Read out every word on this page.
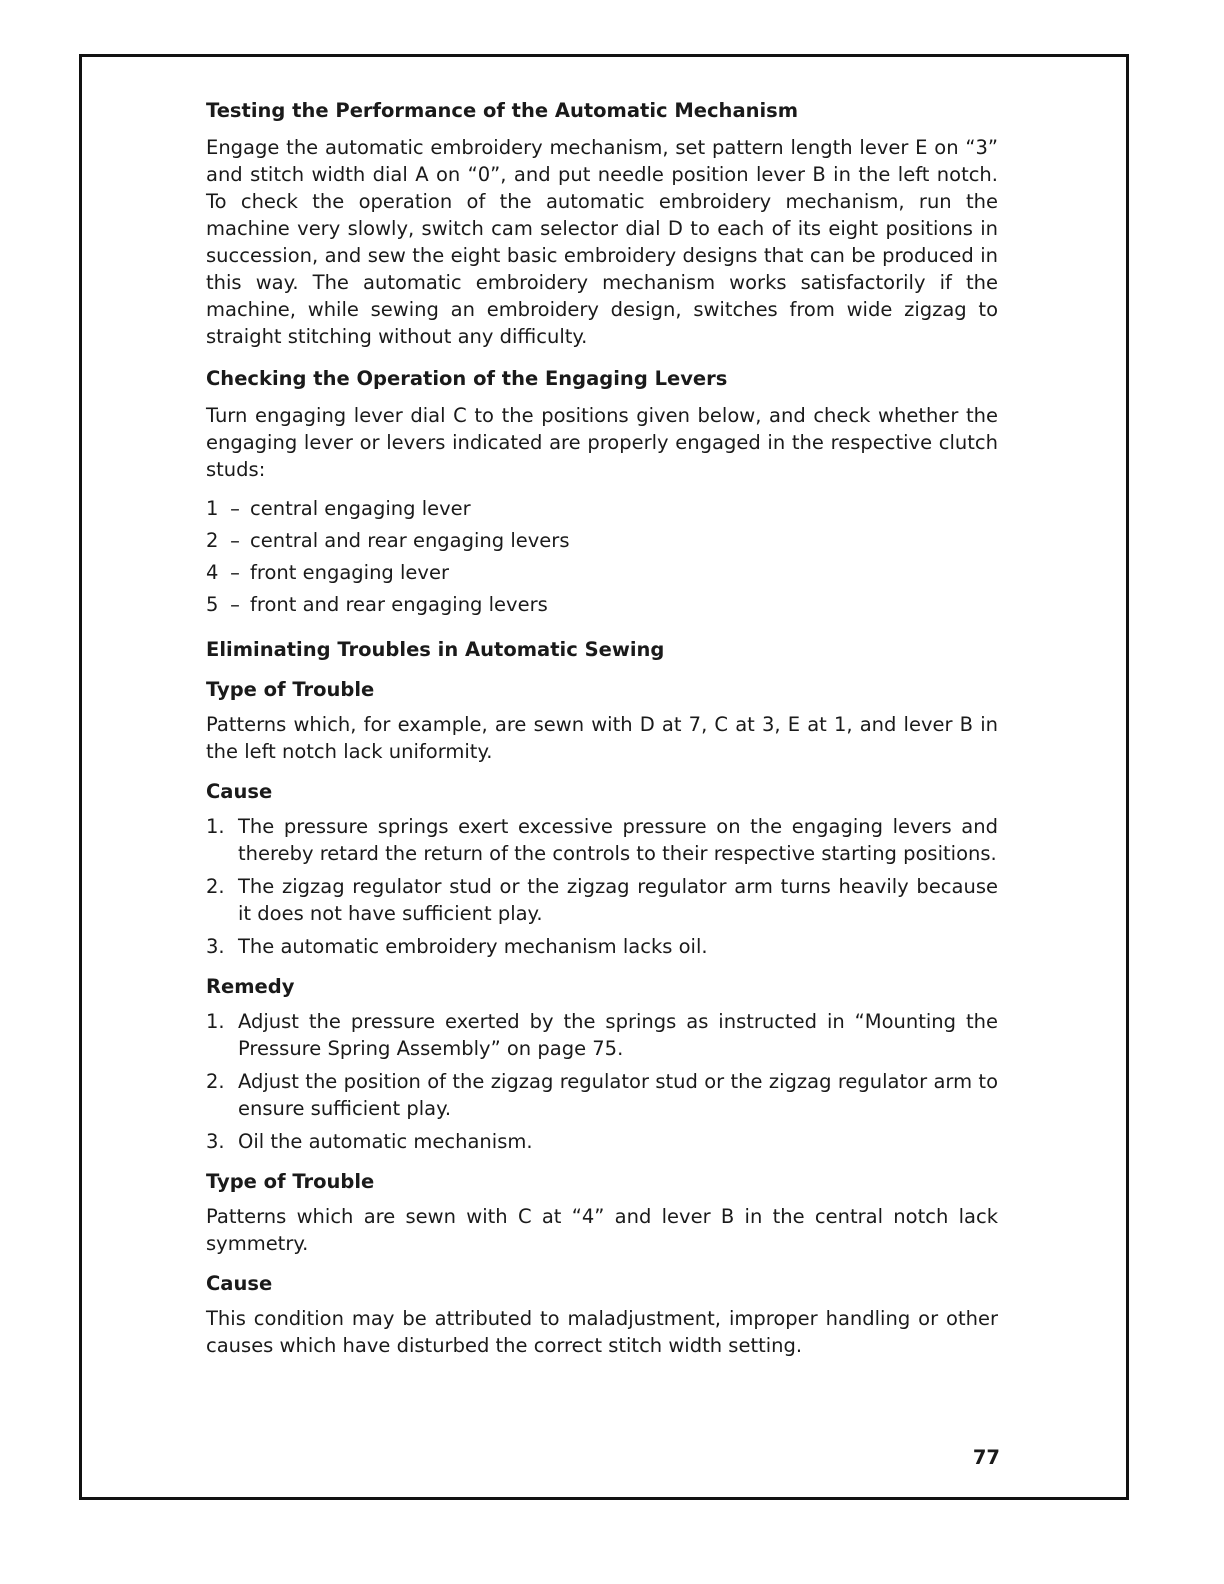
Testing the Performance of the Automatic Mechanism

Engage the automatic embroidery mechanism, set pattern length lever E on “3” and stitch width dial A on “0”, and put needle position lever B in the left notch. To check the operation of the automatic embroidery mechanism, run the machine very slowly, switch cam selector dial D to each of its eight positions in succession, and sew the eight basic embroidery designs that can be produced in this way. The automatic embroidery mechanism works satisfactorily if the machine, while sewing an embroidery design, switches from wide zigzag to straight stitching without any difficulty.

Checking the Operation of the Engaging Levers

Turn engaging lever dial C to the positions given below, and check whether the engaging lever or levers indicated are properly engaged in the respective clutch studs:

1 – central engaging lever
2 – central and rear engaging levers
4 – front engaging lever
5 – front and rear engaging levers
Eliminating Troubles in Automatic Sewing
Type of Trouble

Patterns which, for example, are sewn with D at 7, C at 3, E at 1, and lever B in the left notch lack uniformity.

Cause
1. The pressure springs exert excessive pressure on the engaging levers and thereby retard the return of the controls to their respective starting positions.
2. The zigzag regulator stud or the zigzag regulator arm turns heavily because it does not have sufficient play.
3. The automatic embroidery mechanism lacks oil.
Remedy
1. Adjust the pressure exerted by the springs as instructed in “Mounting the Pressure Spring Assembly” on page 75.
2. Adjust the position of the zigzag regulator stud or the zigzag regulator arm to ensure sufficient play.
3. Oil the automatic mechanism.
Type of Trouble

Patterns which are sewn with C at “4” and lever B in the central notch lack symmetry.

Cause

This condition may be attributed to maladjustment, improper handling or other causes which have disturbed the correct stitch width setting.

77
